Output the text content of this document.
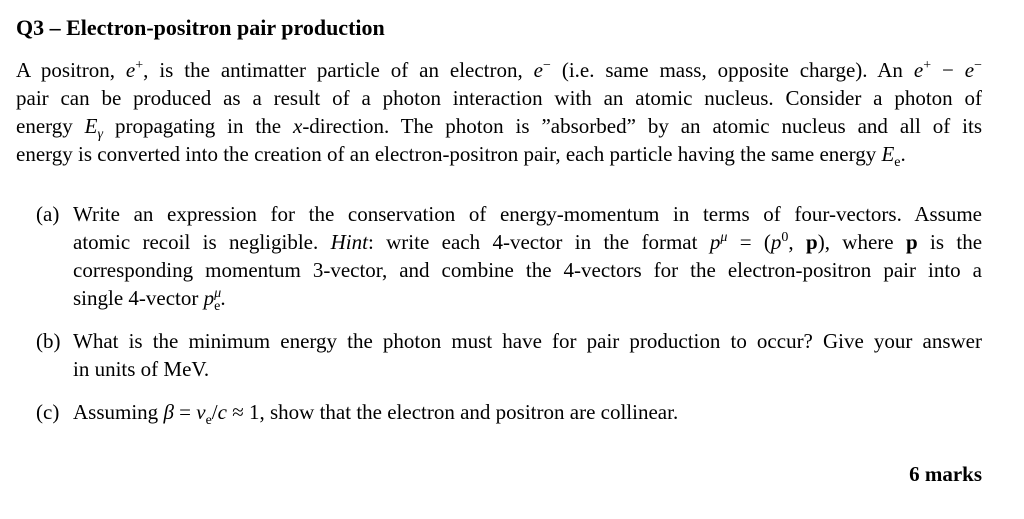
Q3 – Electron-positron pair production

A positron, e+, is the antimatter particle of an electron, e− (i.e. same mass, opposite charge). An e+ − e−
pair can be produced as a result of a photon interaction with an atomic nucleus. Consider a photon of
energy $E_\gamma$ propagating in the x-direction. The photon is ”absorbed” by an atomic nucleus and all of its
energy is converted into the creation of an electron-positron pair, each particle having the same energy $E_e$.

(a) Write an expression for the conservation of energy-momentum in terms of four-vectors. Assume
atomic recoil is negligible. Hint: write each 4-vector in the format $p^\mu = (p^0$, p), where p is the
corresponding momentum 3-vector, and combine the 4-vectors for the electron-positron pair into a
single 4-vector $p^\mu_e$.
(b) What is the minimum energy the photon must have for pair production to occur? Give your answer
in units of MeV.
(c) Assuming $\beta = v_e/c \approx 1$, show that the electron and positron are collinear.
6 marks
